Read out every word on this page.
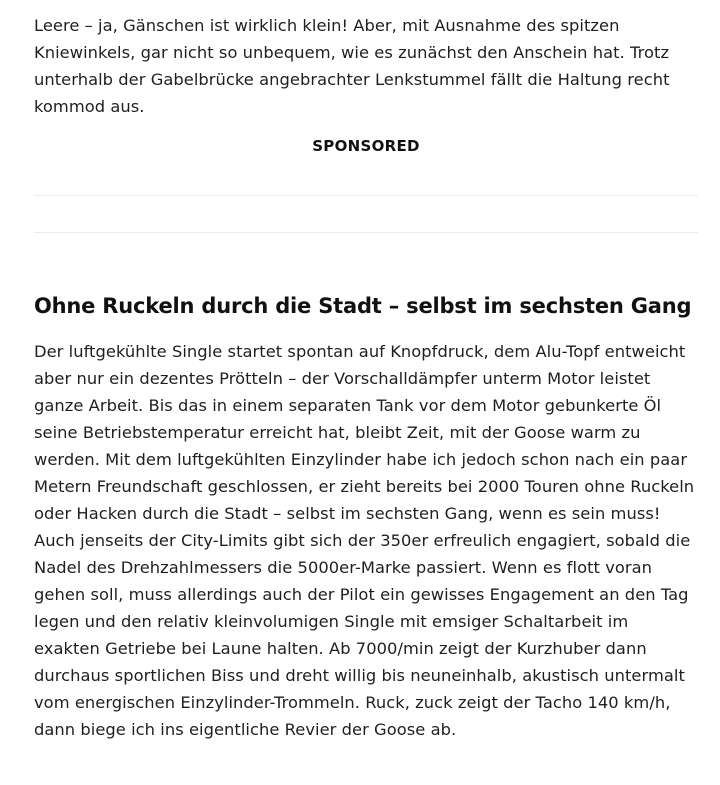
Leere – ja, Gänschen ist wirklich klein! Aber, mit Ausnahme des spitzen Kniewinkels, gar nicht so unbequem, wie es zunächst den Anschein hat. Trotz unterhalb der Gabelbrücke angebrachter Lenkstummel fällt die Haltung recht kommod aus.

SPONSORED
Ohne Ruckeln durch die Stadt – selbst im sechsten Gang

Der luftgekühlte Single startet spontan auf Knopfdruck, dem Alu-Topf entweicht aber nur ein dezentes Prötteln – der Vorschalldämpfer unterm Motor leistet ganze Arbeit. Bis das in einem separaten Tank vor dem Motor gebunkerte Öl seine Betriebstemperatur erreicht hat, bleibt Zeit, mit der Goose warm zu werden. Mit dem luftgekühlten Einzylinder habe ich jedoch schon nach ein paar Metern Freundschaft geschlossen, er zieht bereits bei 2000 Touren ohne Ruckeln oder Hacken durch die Stadt – selbst im sechsten Gang, wenn es sein muss! Auch jenseits der City-Limits gibt sich der 350er erfreulich engagiert, sobald die Nadel des Drehzahlmessers die 5000er-Marke passiert. Wenn es flott voran gehen soll, muss allerdings auch der Pilot ein gewisses Engagement an den Tag legen und den relativ kleinvolumigen Single mit emsiger Schaltarbeit im exakten Getriebe bei Laune halten. Ab 7000/min zeigt der Kurzhuber dann durchaus sportlichen Biss und dreht willig bis neuneinhalb, akustisch untermalt vom energischen Einzylinder-Trommeln. Ruck, zuck zeigt der Tacho 140 km/h, dann biege ich ins eigentliche Revier der Goose ab.
